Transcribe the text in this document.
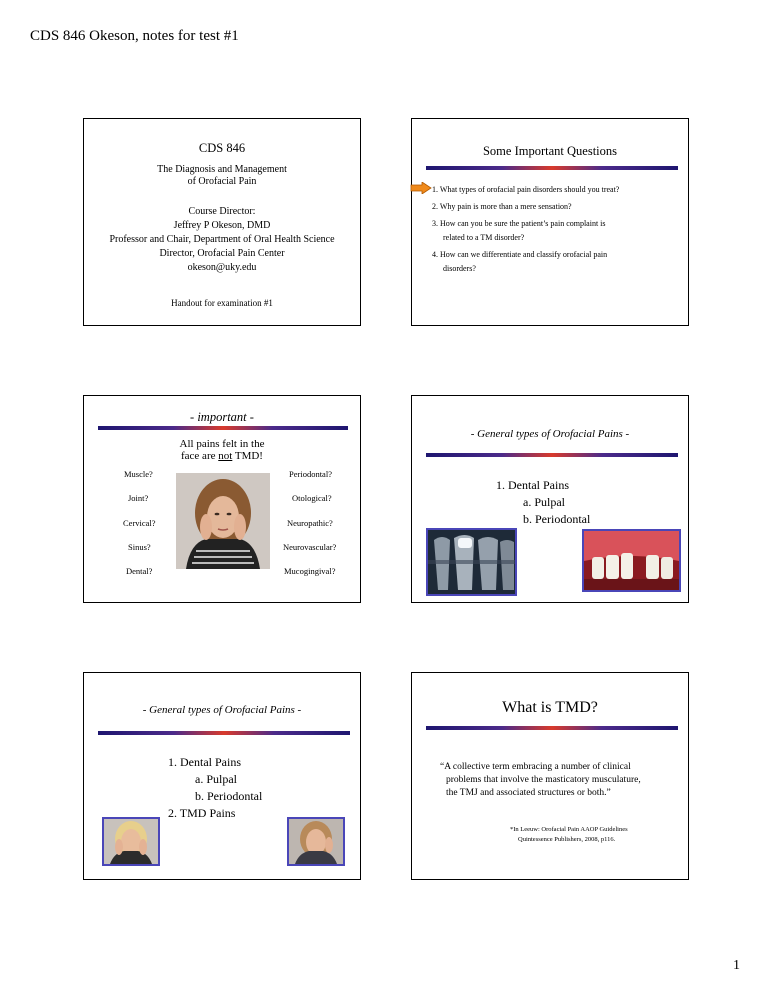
CDS 846 Okeson, notes for test #1
CDS 846
The Diagnosis and Management
of Orofacial Pain
Course Director:
Jeffrey P Okeson, DMD
Professor and Chair, Department of Oral Health Science
Director, Orofacial Pain Center
okeson@uky.edu
Handout for examination #1
Some Important Questions
1. What types of orofacial pain disorders should you treat?
2. Why pain is more than a mere sensation?
3. How can you be sure the patient’s pain complaint is
related to a TM disorder?
4. How can we differentiate and classify orofacial pain
disorders?
- important -
All pains felt in the
face are not TMD!
Muscle?
Joint?
Cervical?
Sinus?
Dental?
Periodontal?
Otological?
Neuropathic?
Neurovascular?
Mucogingival?
- General types of Orofacial Pains -
1. Dental Pains
a. Pulpal
b. Periodontal
- General types of Orofacial Pains -
1. Dental Pains
a. Pulpal
b. Periodontal
2. TMD Pains
What is TMD?
“A collective term embracing a number of clinical
problems that involve the masticatory musculature,
the TMJ and associated structures or both.”
*In Leeuw: Orofacial Pain AAOP Guidelines
Quintessence Publishers, 2008, p116.
1
